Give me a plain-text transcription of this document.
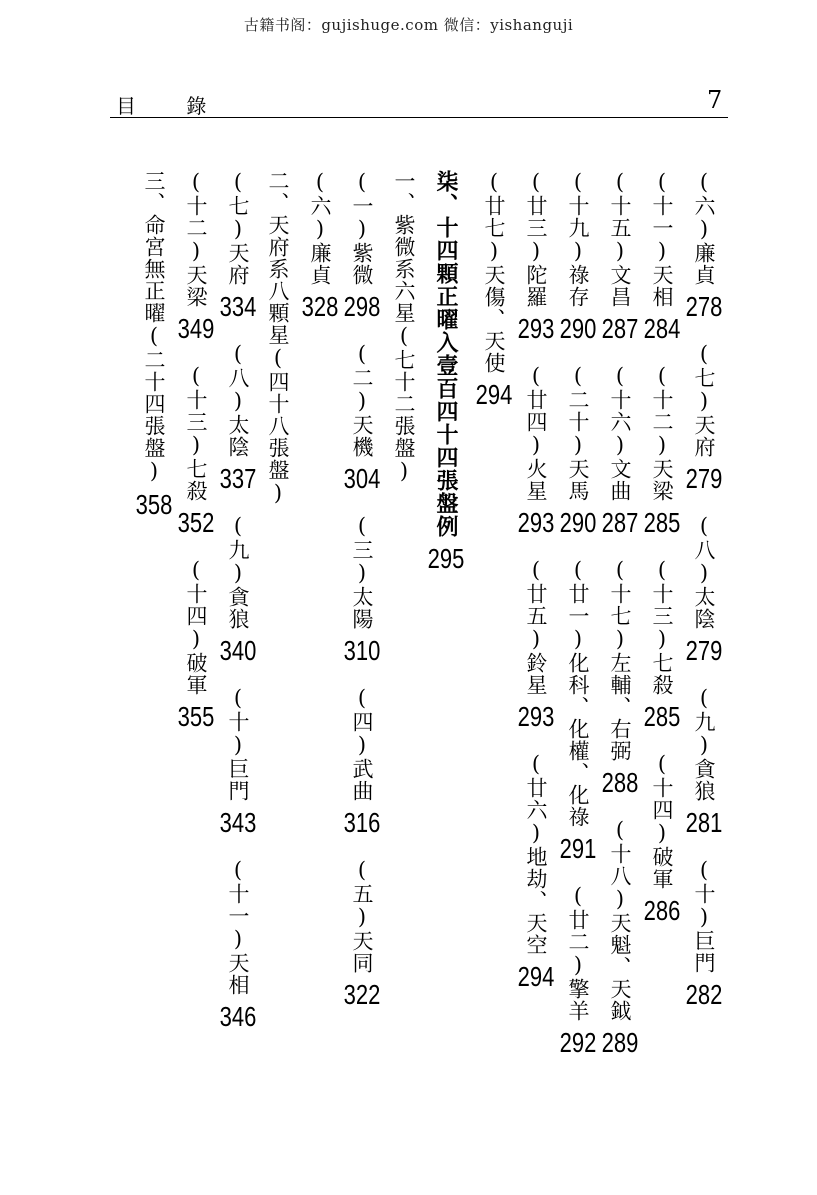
古籍书阁：gujishuge.com 微信：yishanguji
目 錄	7
(六)廉貞
278
(七)天府
279
(八)太陰
279
(九)貪狼
281
(十)巨門
282
(十一)天相
284
(十二)天梁
285
(十三)七殺
285
(十四)破軍
286
(十五)文昌
287
(十六)文曲
287
(十七)左輔、右弼
288
(十八)天魁、天鉞
289
(十九)祿存
290
(二十)天馬
290
(廿一)化科、化權、化祿
291
(廿二)擎羊
292
(廿三)陀羅
293
(廿四)火星
293
(廿五)鈴星
293
(廿六)地劫、天空
294
(廿七)天傷、天使
294
柒、十四顆正曜入壹百四十四張盤例
295
一、紫微系六星(七十二張盤)
(一)紫微
298
(二)天機
304
(三)太陽
310
(四)武曲
316
(五)天同
322
(六)廉貞
328
二、天府系八顆星(四十八張盤)
(七)天府
334
(八)太陰
337
(九)貪狼
340
(十)巨門
343
(十一)天相
346
(十二)天梁
349
(十三)七殺
352
(十四)破軍
355
三、命宮無正曜(二十四張盤)
358
